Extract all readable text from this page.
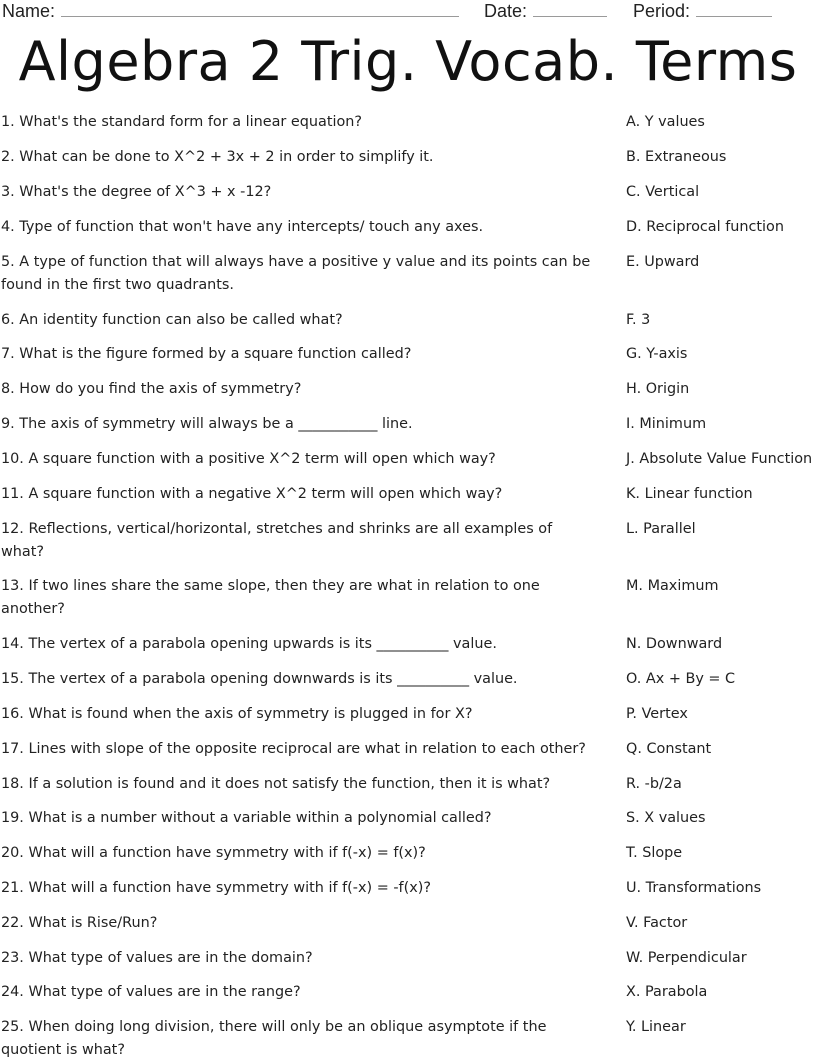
Name:	Date:	Period:
Algebra 2 Trig. Vocab. Terms
1. What's the standard form for a linear equation?
2. What can be done to X^2 + 3x + 2 in order to simplify it.
3. What's the degree of X^3 + x -12?
4. Type of function that won't have any intercepts/ touch any axes.
5. A type of function that will always have a positive y value and its points can be found in the first two quadrants.
6. An identity function can also be called what?
7. What is the figure formed by a square function called?
8. How do you find the axis of symmetry?
9. The axis of symmetry will always be a ___________ line.
10. A square function with a positive X^2 term will open which way?
11. A square function with a negative X^2 term will open which way?
12. Reflections, vertical/horizontal, stretches and shrinks are all examples of what?
13. If two lines share the same slope, then they are what in relation to one another?
14. The vertex of a parabola opening upwards is its __________ value.
15. The vertex of a parabola opening downwards is its __________ value.
16. What is found when the axis of symmetry is plugged in for X?
17. Lines with slope of the opposite reciprocal are what in relation to each other?
18. If a solution is found and it does not satisfy the function, then it is what?
19. What is a number without a variable within a polynomial called?
20. What will a function have symmetry with if f(-x) = f(x)?
21. What will a function have symmetry with if f(-x) = -f(x)?
22. What is Rise/Run?
23. What type of values are in the domain?
24. What type of values are in the range?
25. When doing long division, there will only be an oblique asymptote if the quotient is what?
A. Y values
B. Extraneous
C. Vertical
D. Reciprocal function
E. Upward
F. 3
G. Y-axis
H. Origin
I. Minimum
J. Absolute Value Function
K. Linear function
L. Parallel
M. Maximum
N. Downward
O. Ax + By = C
P. Vertex
Q. Constant
R. -b/2a
S. X values
T. Slope
U. Transformations
V. Factor
W. Perpendicular
X. Parabola
Y. Linear
